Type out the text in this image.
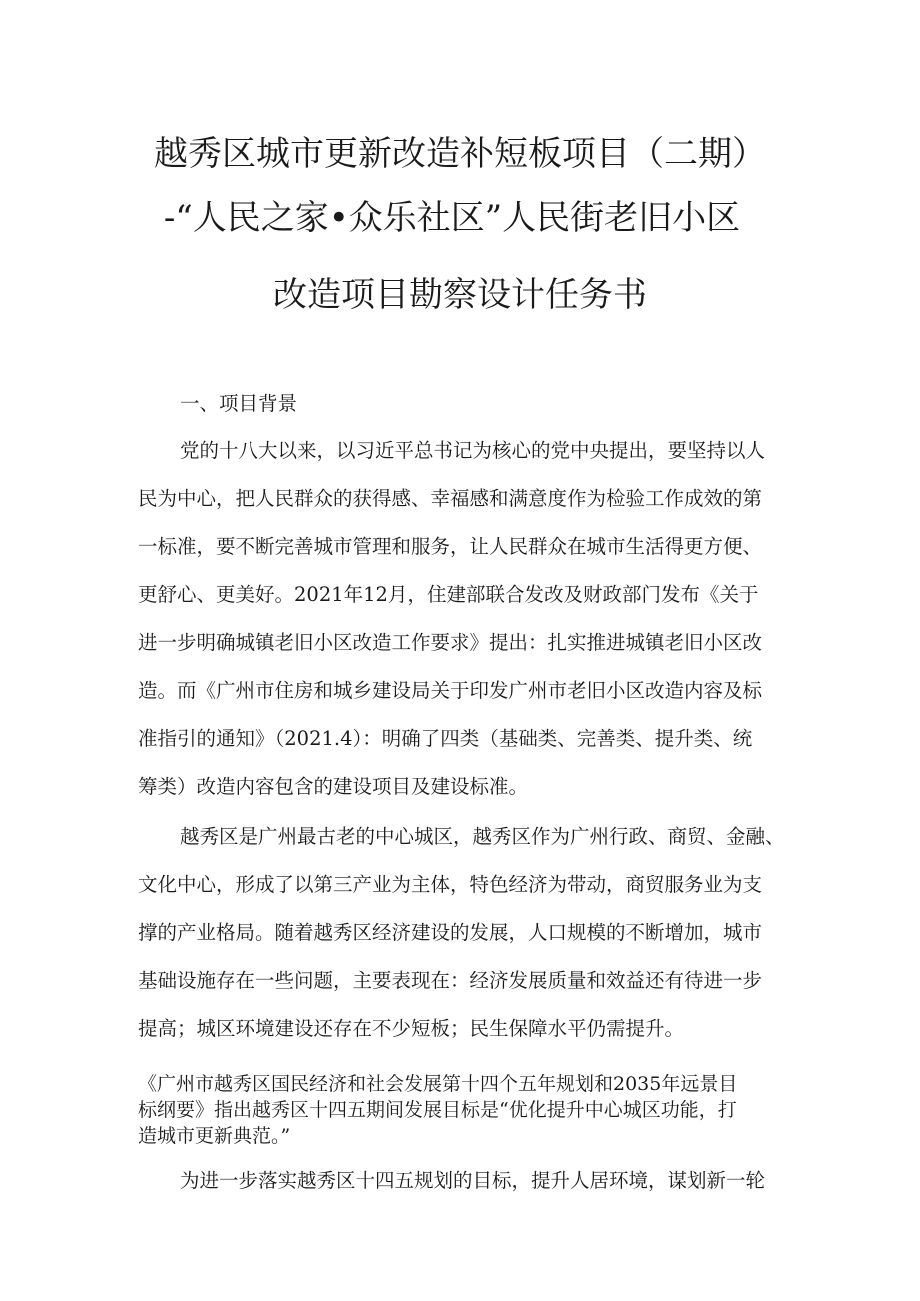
越秀区城市更新改造补短板项目（二期）
-“人民之家•众乐社区”人民街老旧小区
改造项目勘察设计任务书
一、项目背景
党的十八大以来，以习近平总书记为核心的党中央提出，要坚持以人
民为中心，把人民群众的获得感、幸福感和满意度作为检验工作成效的第
一标准，要不断完善城市管理和服务，让人民群众在城市生活得更方便、
更舒心、更美好。2021年12月，住建部联合发改及财政部门发布《关于
进一步明确城镇老旧小区改造工作要求》提出：扎实推进城镇老旧小区改
造。而《广州市住房和城乡建设局关于印发广州市老旧小区改造内容及标
准指引的通知》（2021.4）：明确了四类（基础类、完善类、提升类、统
筹类）改造内容包含的建设项目及建设标准。
越秀区是广州最古老的中心城区，越秀区作为广州行政、商贸、金融、
文化中心，形成了以第三产业为主体，特色经济为带动，商贸服务业为支
撑的产业格局。随着越秀区经济建设的发展，人口规模的不断增加，城市
基础设施存在一些问题，主要表现在：经济发展质量和效益还有待进一步
提高；城区环境建设还存在不少短板；民生保障水平仍需提升。
《广州市越秀区国民经济和社会发展第十四个五年规划和2035年远景目
标纲要》指出越秀区十四五期间发展目标是“优化提升中心城区功能，打
造城市更新典范。”
为进一步落实越秀区十四五规划的目标，提升人居环境，谋划新一轮
